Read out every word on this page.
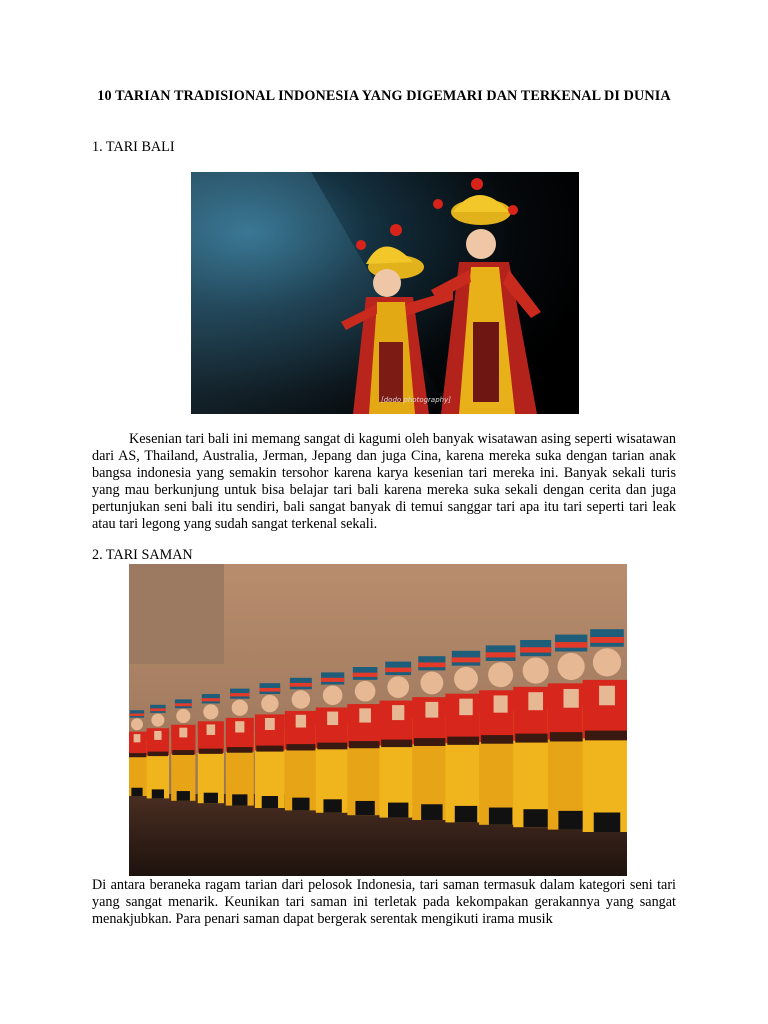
10 TARIAN TRADISIONAL INDONESIA YANG DIGEMARI DAN TERKENAL DI DUNIA
1. TARI BALI
[dodo photography]
Kesenian tari bali ini memang sangat di kagumi oleh banyak wisatawan asing seperti wisatawan dari AS, Thailand, Australia, Jerman, Jepang dan juga Cina, karena mereka suka dengan tarian anak bangsa indonesia yang semakin tersohor karena karya kesenian tari mereka ini. Banyak sekali turis yang mau berkunjung untuk bisa belajar tari bali karena mereka suka sekali dengan cerita dan juga pertunjukan seni bali itu sendiri, bali sangat banyak di temui sanggar tari apa itu tari seperti tari leak atau tari legong yang sudah sangat terkenal sekali.
2. TARI SAMAN
Di antara beraneka ragam tarian dari pelosok Indonesia, tari saman termasuk dalam kategori seni tari yang sangat menarik. Keunikan tari saman ini terletak pada kekompakan gerakannya yang sangat menakjubkan. Para penari saman dapat bergerak serentak mengikuti irama musik
